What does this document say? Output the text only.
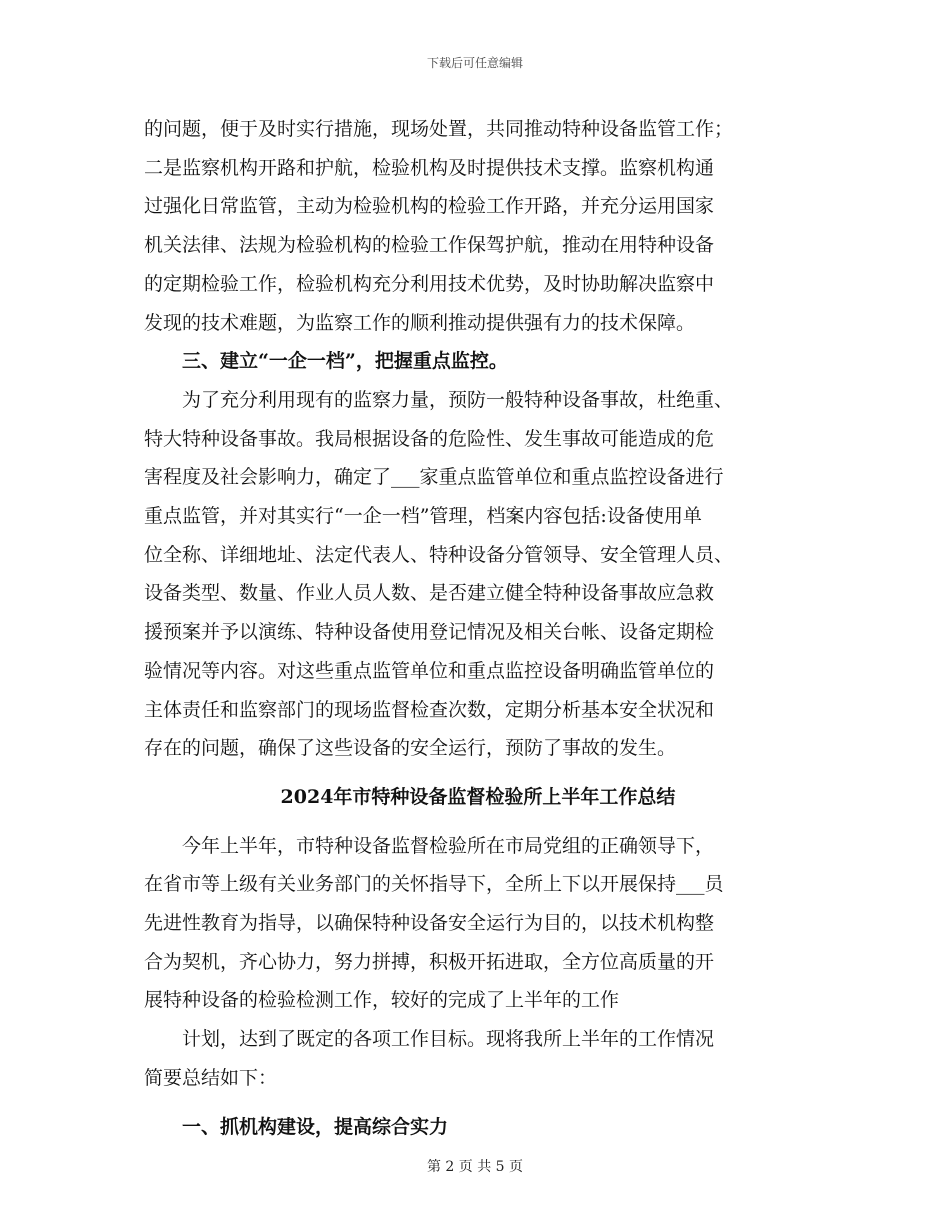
下载后可任意编辑

的问题，便于及时实行措施，现场处置，共同推动特种设备监管工作；

二是监察机构开路和护航，检验机构及时提供技术支撑。监察机构通

过强化日常监管，主动为检验机构的检验工作开路，并充分运用国家

机关法律、法规为检验机构的检验工作保驾护航，推动在用特种设备

的定期检验工作，检验机构充分利用技术优势，及时协助解决监察中

发现的技术难题，为监察工作的顺利推动提供强有力的技术保障。

三、建立“一企一档”，把握重点监控。

为了充分利用现有的监察力量，预防一般特种设备事故，杜绝重、

特大特种设备事故。我局根据设备的危险性、发生事故可能造成的危

害程度及社会影响力，确定了___家重点监管单位和重点监控设备进行

重点监管，并对其实行“一企一档”管理，档案内容包括:设备使用单

位全称、详细地址、法定代表人、特种设备分管领导、安全管理人员、

设备类型、数量、作业人员人数、是否建立健全特种设备事故应急救

援预案并予以演练、特种设备使用登记情况及相关台帐、设备定期检

验情况等内容。对这些重点监管单位和重点监控设备明确监管单位的

主体责任和监察部门的现场监督检查次数，定期分析基本安全状况和

存在的问题，确保了这些设备的安全运行，预防了事故的发生。

2024年市特种设备监督检验所上半年工作总结

今年上半年，市特种设备监督检验所在市局党组的正确领导下，

在省市等上级有关业务部门的关怀指导下，全所上下以开展保持___员

先进性教育为指导，以确保特种设备安全运行为目的，以技术机构整

合为契机，齐心协力，努力拼搏，积极开拓进取，全方位高质量的开

展特种设备的检验检测工作，较好的完成了上半年的工作

计划，达到了既定的各项工作目标。现将我所上半年的工作情况

简要总结如下：

一、抓机构建设，提高综合实力

第 2 页 共 5 页
